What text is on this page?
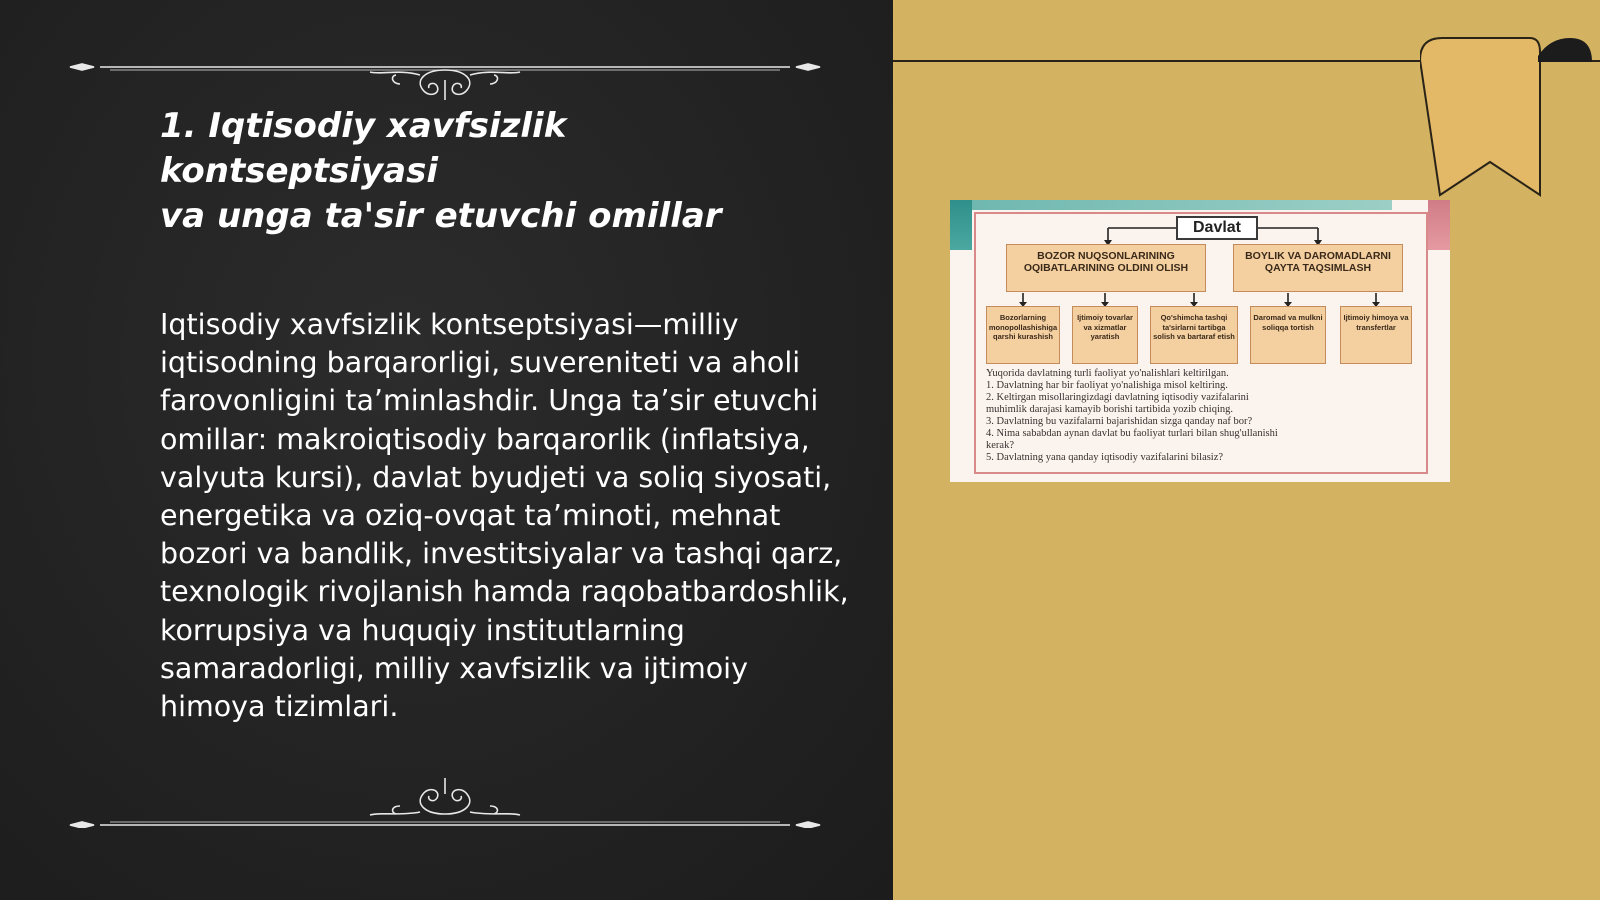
1. Iqtisodiy xavfsizlik kontseptsiyasi
va unga ta'sir etuvchi omillar

Iqtisodiy xavfsizlik kontseptsiyasi—milliy iqtisodning barqarorligi, suvereniteti va aholi farovonligini ta’minlashdir. Unga ta’sir etuvchi omillar: makroiqtisodiy barqarorlik (inflatsiya, valyuta kursi), davlat byudjeti va soliq siyosati, energetika va oziq-ovqat ta’minoti, mehnat bozori va bandlik, investitsiyalar va tashqi qarz, texnologik rivojlanish hamda raqobatbardoshlik, korrupsiya va huquqiy institutlarning samaradorligi, milliy xavfsizlik va ijtimoiy himoya tizimlari.

Davlat
BOZOR NUQSONLARINING OQIBATLARINING OLDINI OLISH
BOYLIK VA DAROMADLARNI QAYTA TAQSIMLASH
Bozorlarning monopollashishiga qarshi kurashish
Ijtimoiy tovarlar va xizmatlar yaratish
Qo'shimcha tashqi ta'sirlarni tartibga solish va bartaraf etish
Daromad va mulkni soliqqa tortish
Ijtimoiy himoya va transfertlar
Yuqorida davlatning turli faoliyat yo'nalishlari keltirilgan.
1. Davlatning har bir faoliyat yo'nalishiga misol keltiring.
2. Keltirgan misollaringizdagi davlatning iqtisodiy vazifalarini
muhimlik darajasi kamayib borishi tartibida yozib chiqing.
3. Davlatning bu vazifalarni bajarishidan sizga qanday naf bor?
4. Nima sababdan aynan davlat bu faoliyat turlari bilan shug'ullanishi
kerak?
5. Davlatning yana qanday iqtisodiy vazifalarini bilasiz?
